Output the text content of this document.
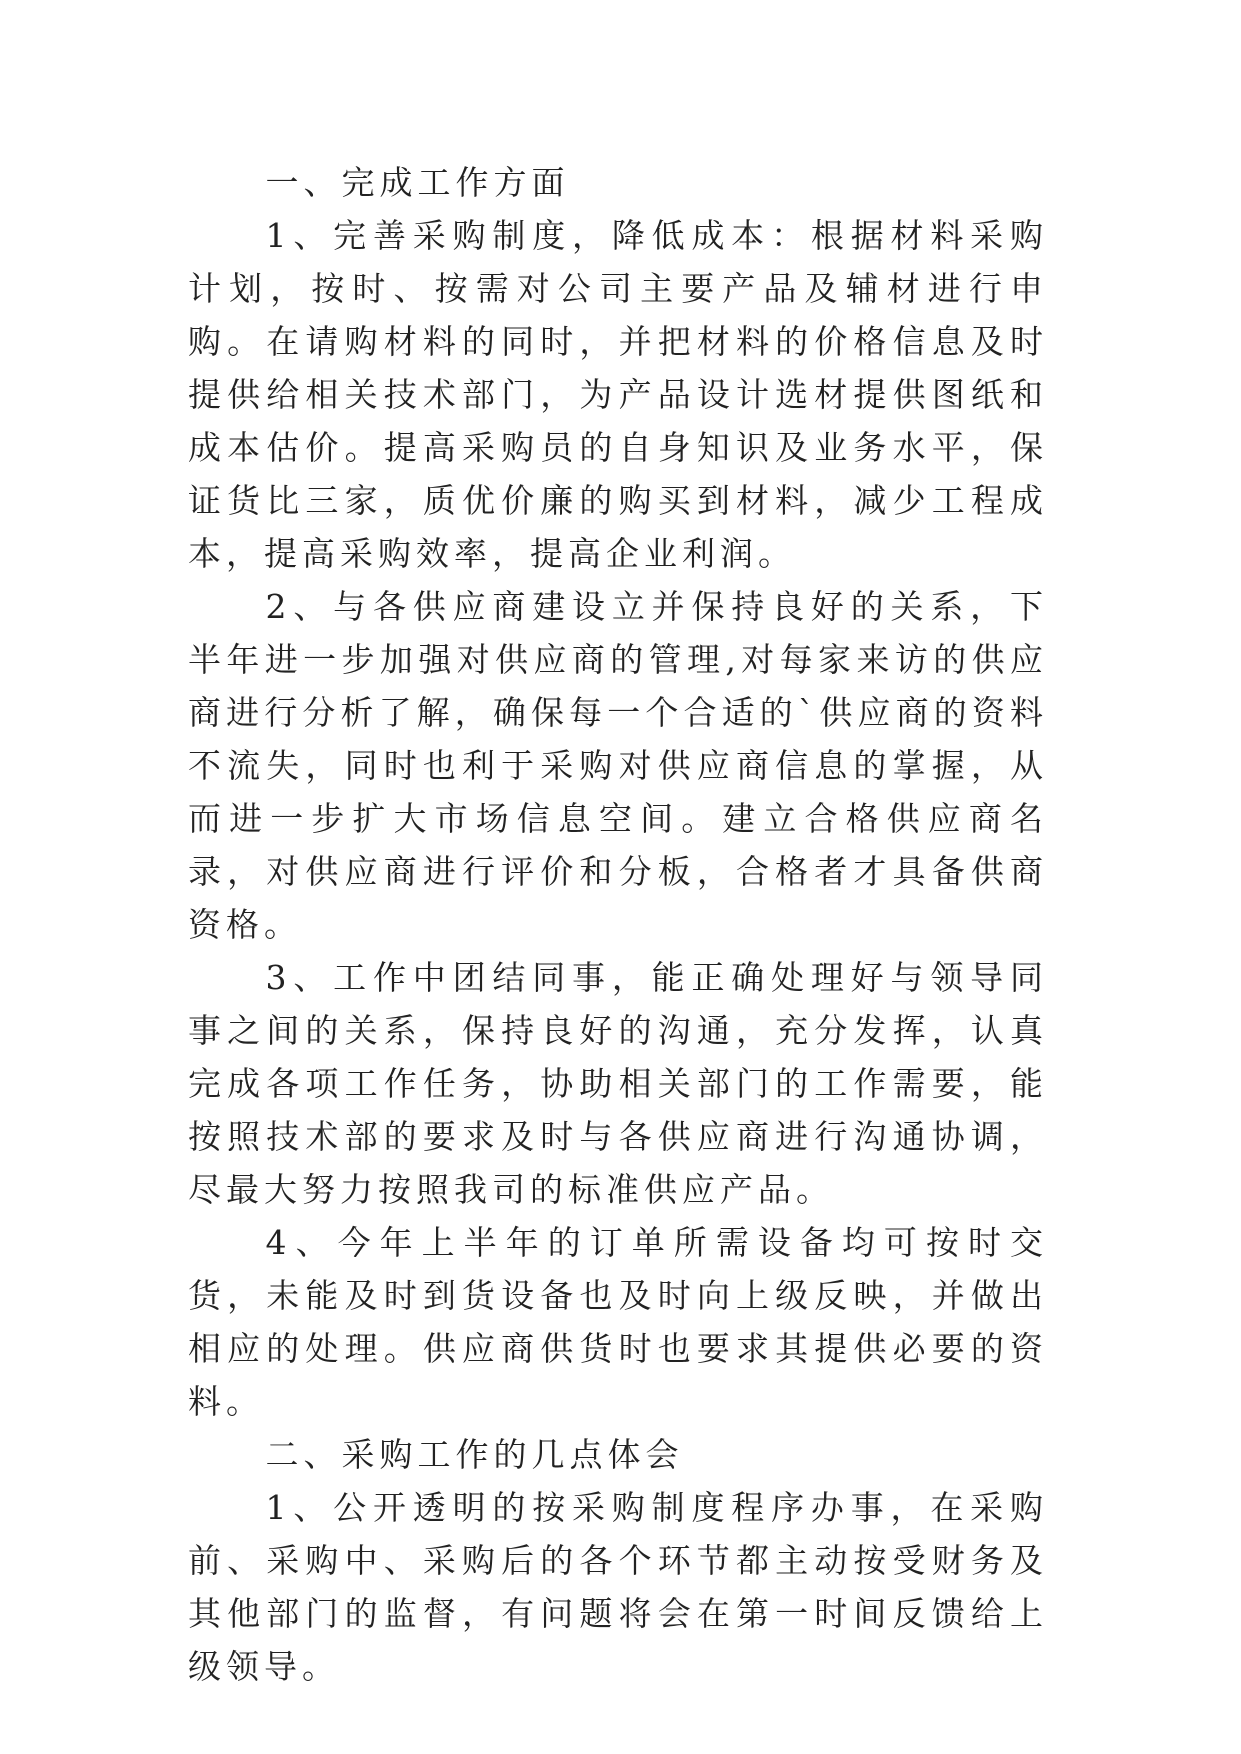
一、完成工作方面

1、完善采购制度，降低成本：根据材料采购计划，按时、按需对公司主要产品及辅材进行申购。在请购材料的同时，并把材料的价格信息及时提供给相关技术部门，为产品设计选材提供图纸和成本估价。提高采购员的自身知识及业务水平，保证货比三家，质优价廉的购买到材料，减少工程成本，提高采购效率，提高企业利润。

2、与各供应商建设立并保持良好的关系，下半年进一步加强对供应商的管理,对每家来访的供应商进行分析了解，确保每一个合适的`供应商的资料不流失，同时也利于采购对供应商信息的掌握，从而进一步扩大市场信息空间。建立合格供应商名录，对供应商进行评价和分板，合格者才具备供商资格。

3、工作中团结同事，能正确处理好与领导同事之间的关系，保持良好的沟通，充分发挥，认真完成各项工作任务，协助相关部门的工作需要，能按照技术部的要求及时与各供应商进行沟通协调，尽最大努力按照我司的标准供应产品。

4、今年上半年的订单所需设备均可按时交货，未能及时到货设备也及时向上级反映，并做出相应的处理。供应商供货时也要求其提供必要的资料。

二、采购工作的几点体会

1、公开透明的按采购制度程序办事，在采购前、采购中、采购后的各个环节都主动按受财务及其他部门的监督，有问题将会在第一时间反馈给上级领导。
